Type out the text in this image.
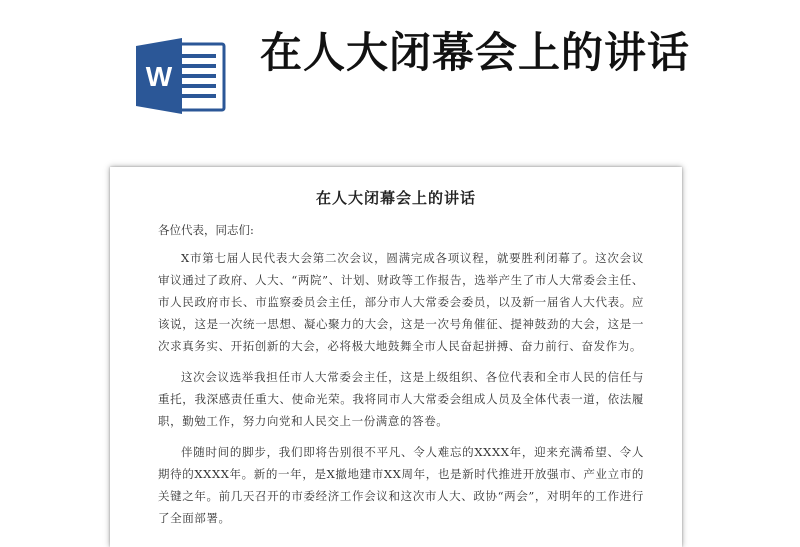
W 在人大闭幕会上的讲话
在人大闭幕会上的讲话
各位代表，同志们:

X市第七届人民代表大会第二次会议，圆满完成各项议程，就要胜利闭幕了。这次会议审议通过了政府、人大、“两院”、计划、财政等工作报告，选举产生了市人大常委会主任、市人民政府市长、市监察委员会主任，部分市人大常委会委员，以及新一届省人大代表。应该说，这是一次统一思想、凝心聚力的大会，这是一次号角催征、提神鼓劲的大会，这是一次求真务实、开拓创新的大会，必将极大地鼓舞全市人民奋起拼搏、奋力前行、奋发作为。

这次会议选举我担任市人大常委会主任，这是上级组织、各位代表和全市人民的信任与重托，我深感责任重大、使命光荣。我将同市人大常委会组成人员及全体代表一道，依法履职，勤勉工作，努力向党和人民交上一份满意的答卷。

伴随时间的脚步，我们即将告别很不平凡、令人难忘的XXXX年，迎来充满希望、令人期待的XXXX年。新的一年，是X撤地建市XX周年，也是新时代推进开放强市、产业立市的关键之年。前几天召开的市委经济工作会议和这次市人大、政协“两会”，对明年的工作进行了全面部署。
